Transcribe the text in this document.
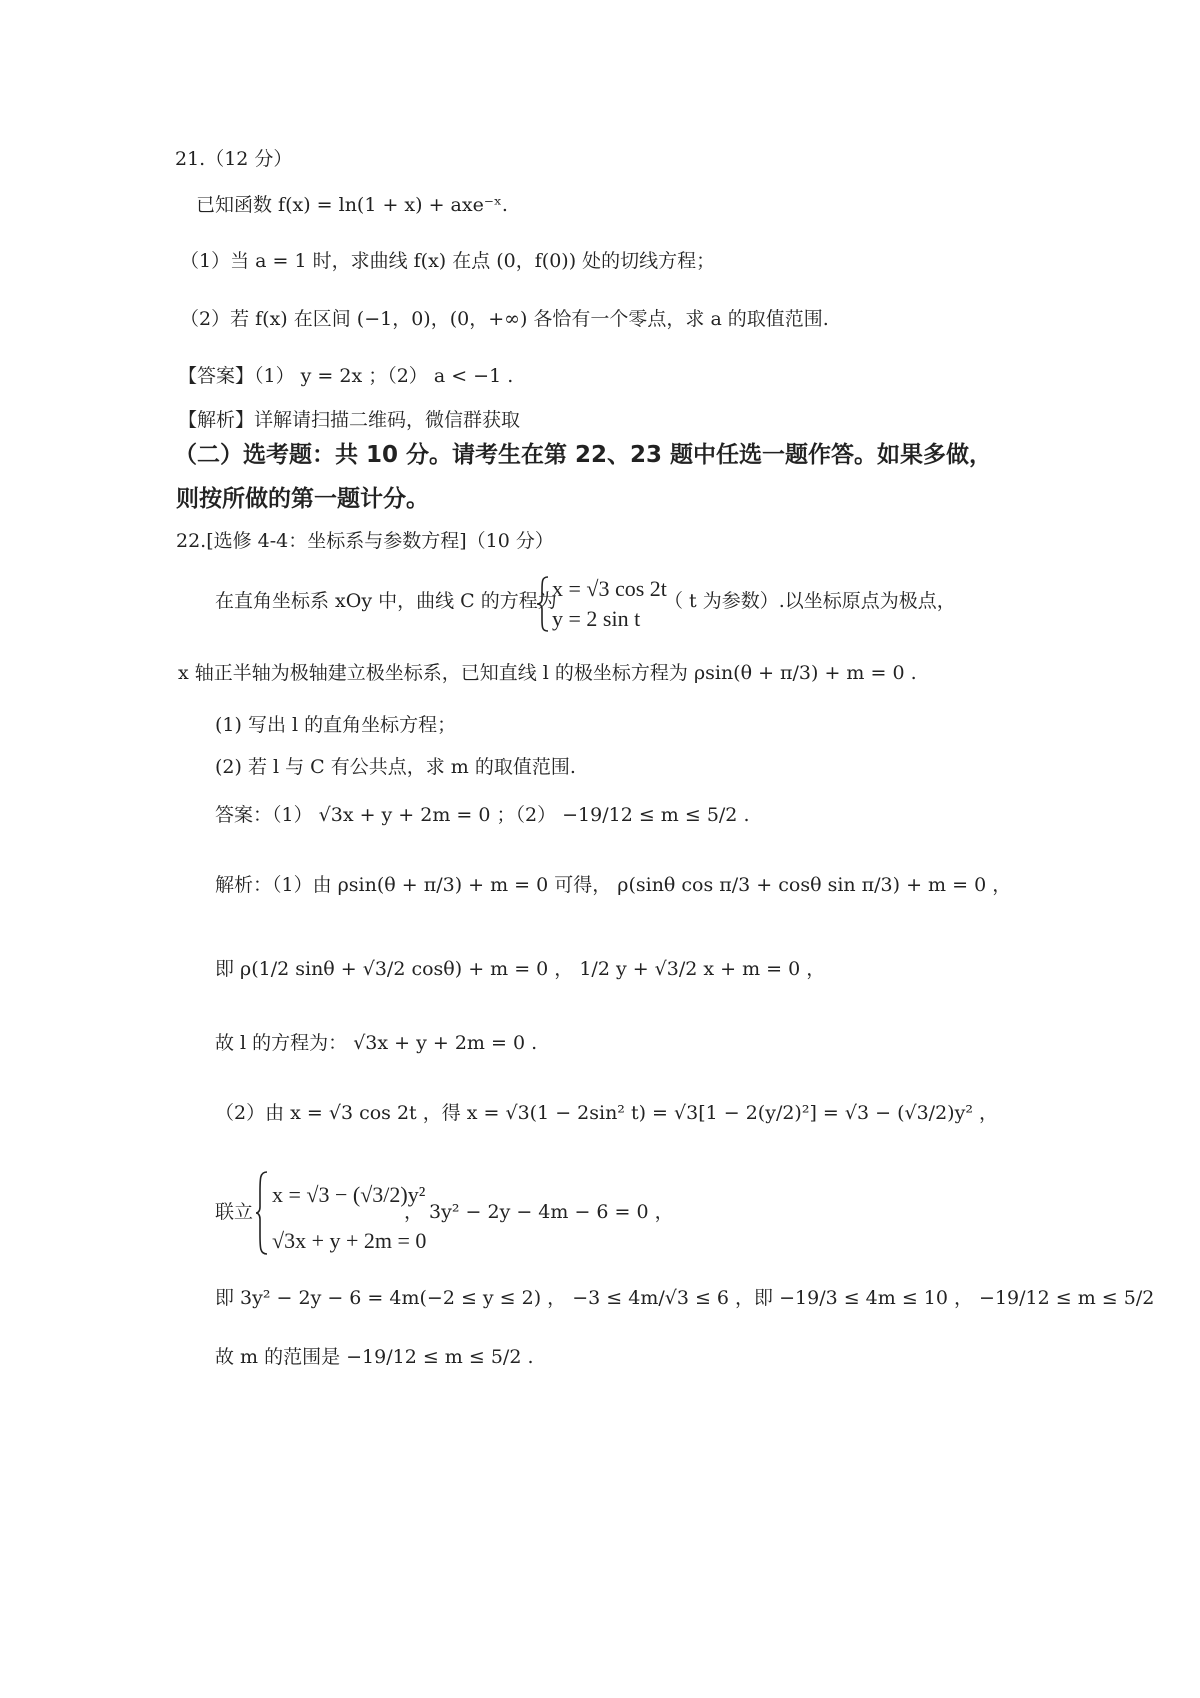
21.（12 分）
已知函数 f(x) = ln(1 + x) + axe⁻ˣ.
（1）当 a = 1 时，求曲线 f(x) 在点 (0，f(0)) 处的切线方程；
（2）若 f(x) 在区间 (−1，0)，(0，+∞) 各恰有一个零点，求 a 的取值范围.
【答案】（1） y = 2x ；（2） a < −1 .
【解析】详解请扫描二维码，微信群获取
（二）选考题：共 10 分。请考生在第 22、23 题中任选一题作答。如果多做，
则按所做的第一题计分。
22.[选修 4-4：坐标系与参数方程]（10 分）
在直角坐标系 xOy 中，曲线 C 的方程为
x = √3 cos 2t
y = 2 sin t
（ t 为参数）.以坐标原点为极点，
x 轴正半轴为极轴建立极坐标系，已知直线 l 的极坐标方程为 ρsin(θ + π/3) + m = 0 .
(1) 写出 l 的直角坐标方程；
(2) 若 l 与 C 有公共点，求 m 的取值范围.
答案：（1） √3x + y + 2m = 0 ；（2） −19/12 ≤ m ≤ 5/2 .
解析：（1）由 ρsin(θ + π/3) + m = 0 可得， ρ(sinθ cos π/3 + cosθ sin π/3) + m = 0 ，
即 ρ(1/2 sinθ + √3/2 cosθ) + m = 0 ， 1/2 y + √3/2 x + m = 0 ，
故 l 的方程为： √3x + y + 2m = 0 .
（2）由 x = √3 cos 2t ，得 x = √3(1 − 2sin² t) = √3[1 − 2(y/2)²] = √3 − (√3/2)y² ，
联立
x = √3 − (√3/2)y²
√3x + y + 2m = 0
， 3y² − 2y − 4m − 6 = 0 ，
即 3y² − 2y − 6 = 4m(−2 ≤ y ≤ 2) ， −3 ≤ 4m/√3 ≤ 6 ，即 −19/3 ≤ 4m ≤ 10 ， −19/12 ≤ m ≤ 5/2
故 m 的范围是 −19/12 ≤ m ≤ 5/2 .
